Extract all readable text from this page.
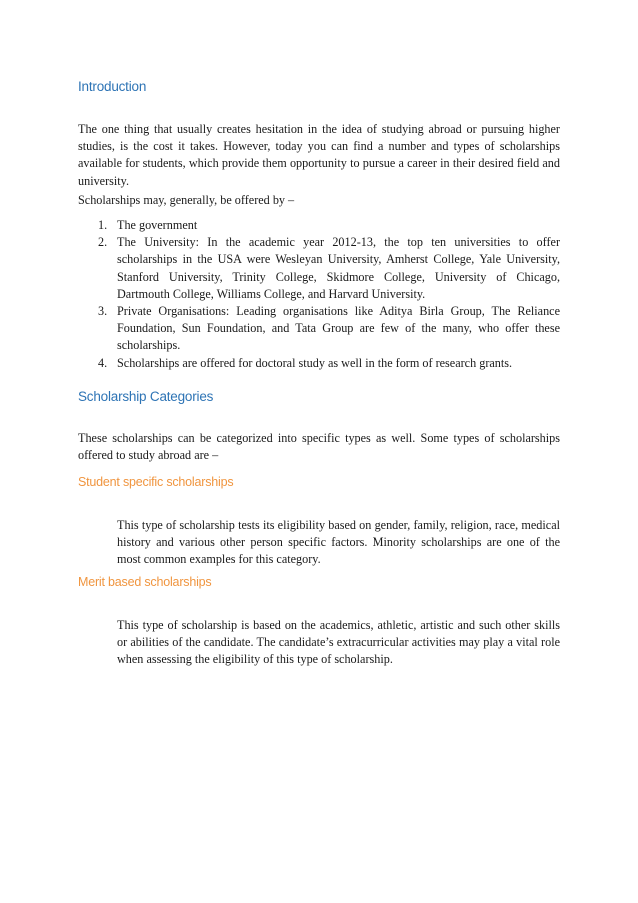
Introduction

The one thing that usually creates hesitation in the idea of studying abroad or pursuing higher studies, is the cost it takes. However, today you can find a number and types of scholarships available for students, which provide them opportunity to pursue a career in their desired field and university.

Scholarships may, generally, be offered by –

1. The government
2. The University: In the academic year 2012-13, the top ten universities to offer scholarships in the USA were Wesleyan University, Amherst College, Yale University, Stanford University, Trinity College, Skidmore College, University of Chicago, Dartmouth College, Williams College, and Harvard University.
3. Private Organisations: Leading organisations like Aditya Birla Group, The Reliance Foundation, Sun Foundation, and Tata Group are few of the many, who offer these scholarships.
4. Scholarships are offered for doctoral study as well in the form of research grants.
Scholarship Categories

These scholarships can be categorized into specific types as well. Some types of scholarships offered to study abroad are –

Student specific scholarships

This type of scholarship tests its eligibility based on gender, family, religion, race, medical history and various other person specific factors. Minority scholarships are one of the most common examples for this category.

Merit based scholarships

This type of scholarship is based on the academics, athletic, artistic and such other skills or abilities of the candidate. The candidate’s extracurricular activities may play a vital role when assessing the eligibility of this type of scholarship.
